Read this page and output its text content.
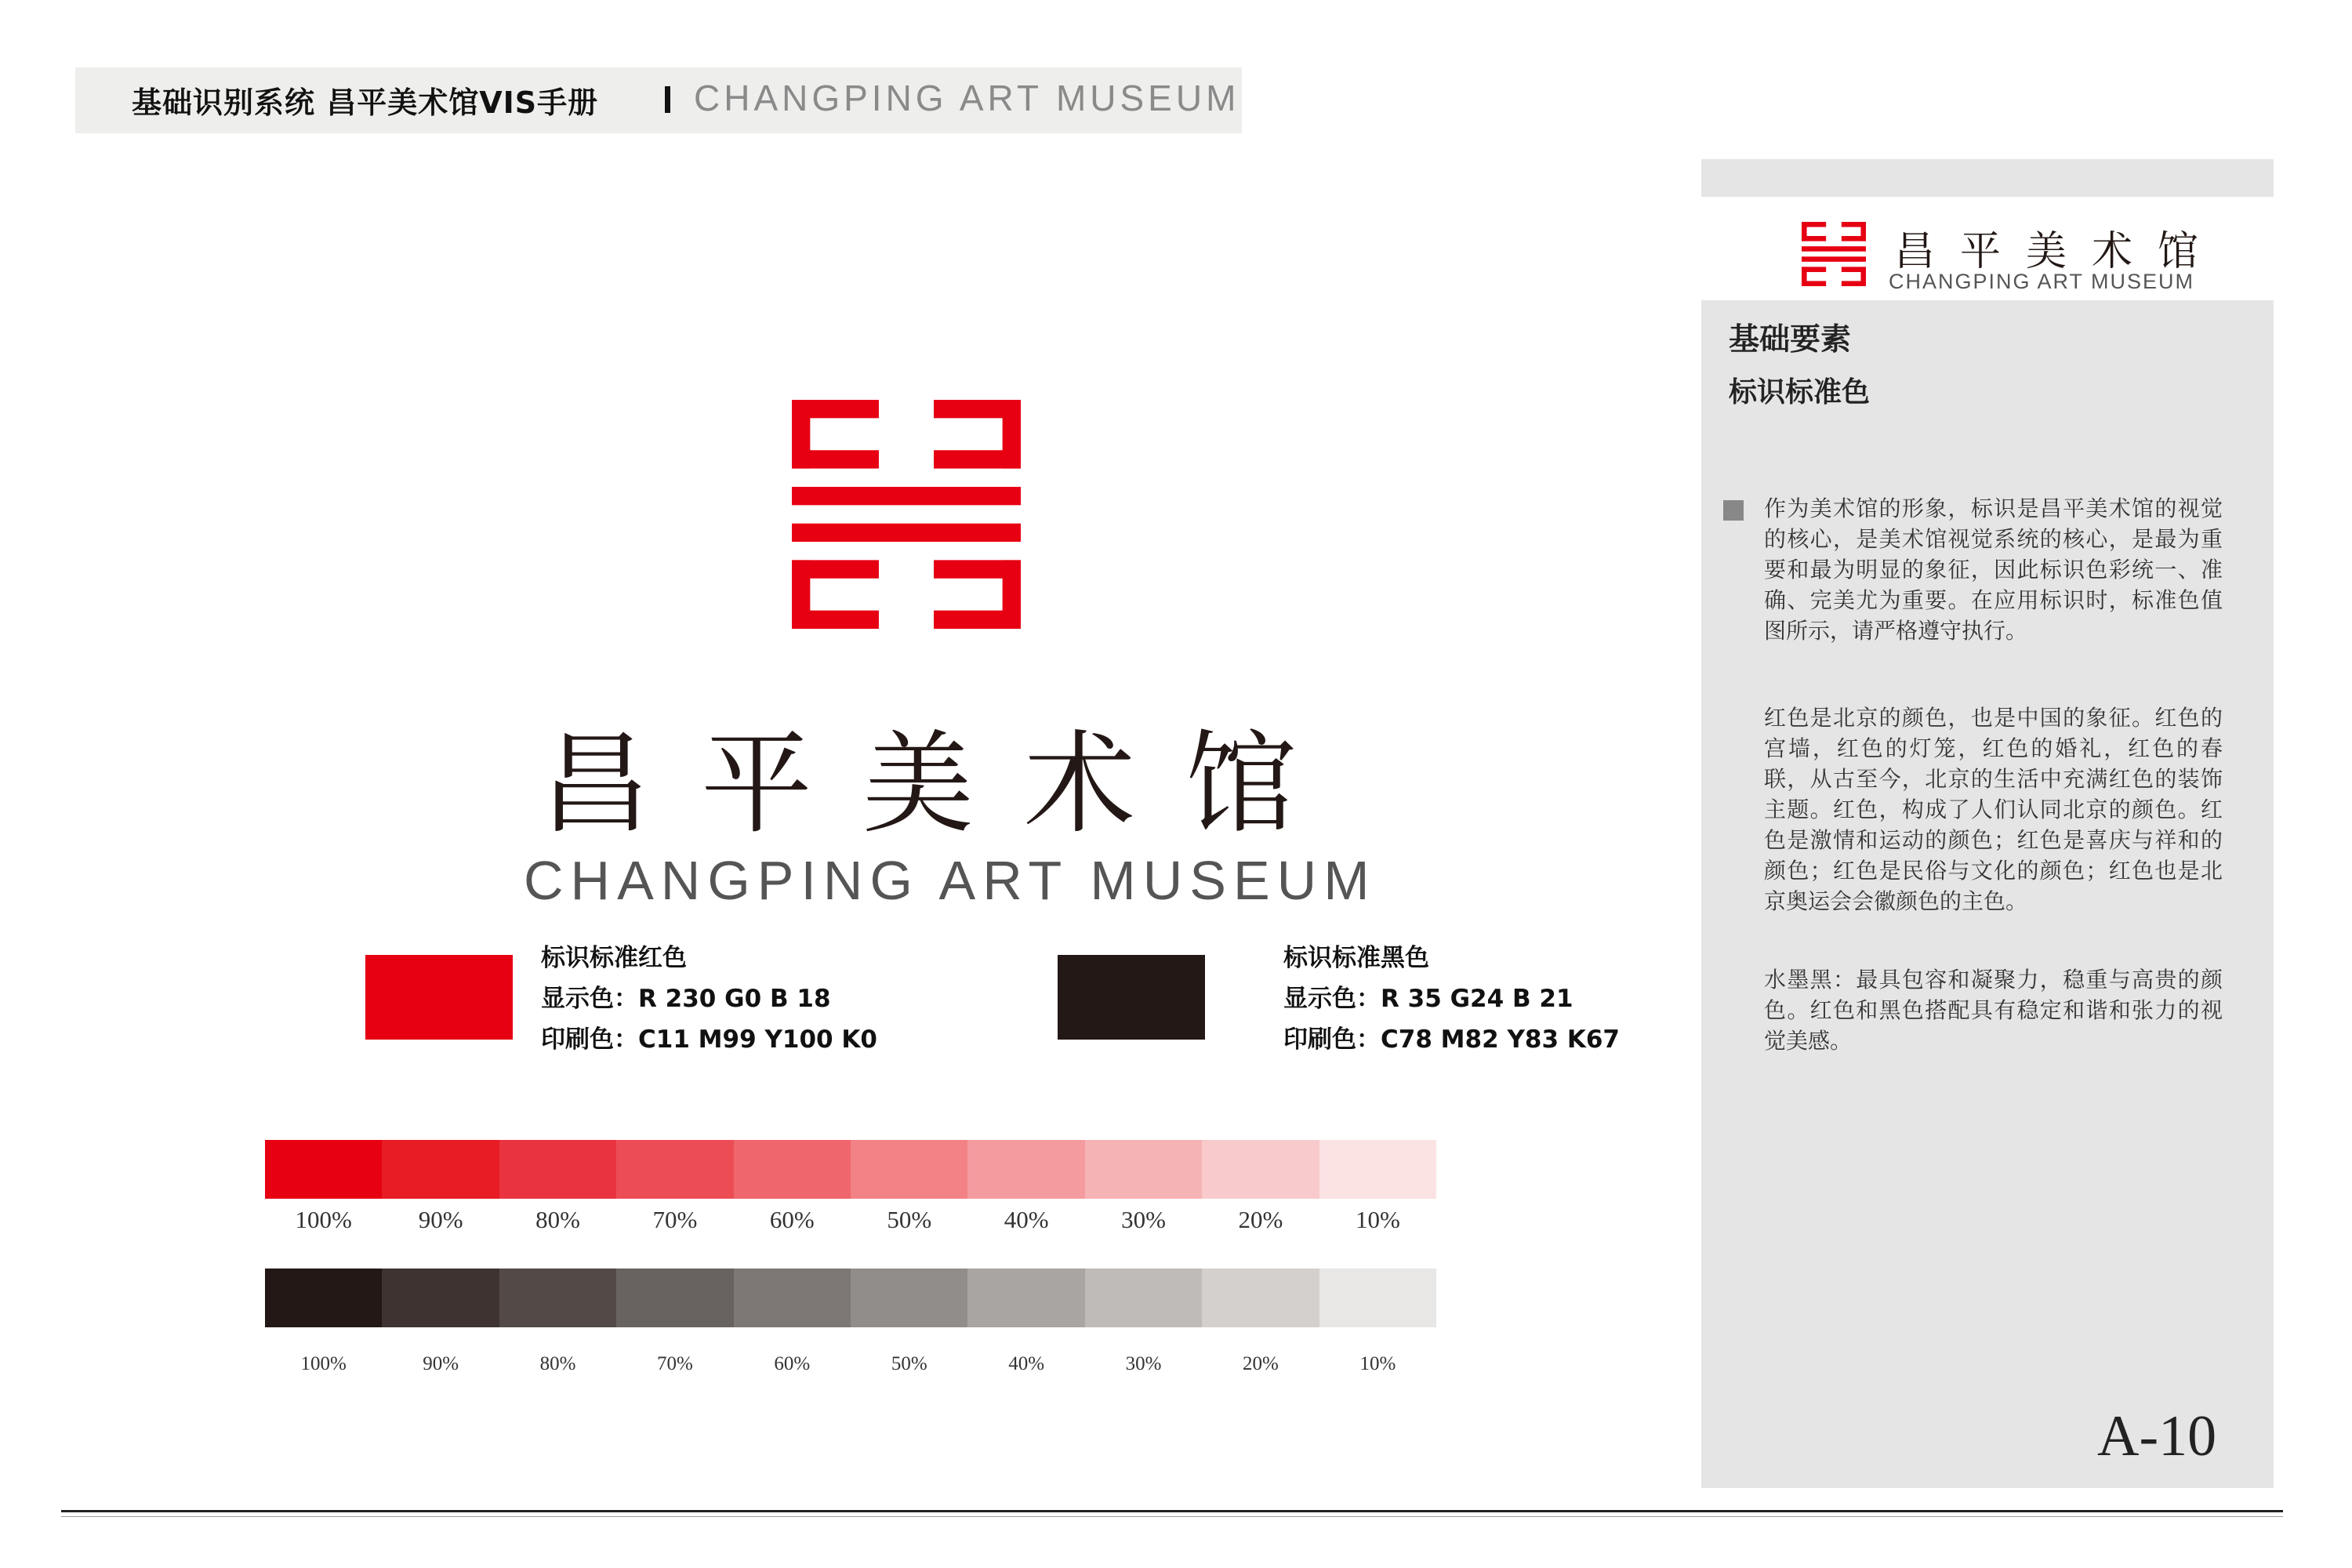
基础识别系统 昌平美术馆VIS手册	CHANGPING ART MUSEUM
昌平美术馆
CHANGPING ART MUSEUM
基础要素
标识标准色
作为美术馆的形象，标识是昌平美术馆的视觉的核心，是美术馆视觉系统的核心，是最为重要和最为明显的象征，因此标识色彩统一、准确、完美尤为重要。在应用标识时，标准色值图所示，请严格遵守执行。
红色是北京的颜色，也是中国的象征。红色的宫墙，红色的灯笼，红色的婚礼，红色的春联，从古至今，北京的生活中充满红色的装饰主题。红色，构成了人们认同北京的颜色。红色是激情和运动的颜色；红色是喜庆与祥和的颜色；红色是民俗与文化的颜色；红色也是北京奥运会会徽颜色的主色。
水墨黑：最具包容和凝聚力，稳重与高贵的颜色。红色和黑色搭配具有稳定和谐和张力的视觉美感。
A-10
昌平美术馆
CHANGPING ART MUSEUM
标识标准红色
显示色：R 230 G0 B 18
印刷色：C11 M99 Y100 K0
标识标准黑色
显示色：R 35 G24 B 21
印刷色：C78 M82 Y83 K67
100%	90%	80%	70%	60%	50%	40%	30%	20%	10%
100%	90%	80%	70%	60%	50%	40%	30%	20%	10%
